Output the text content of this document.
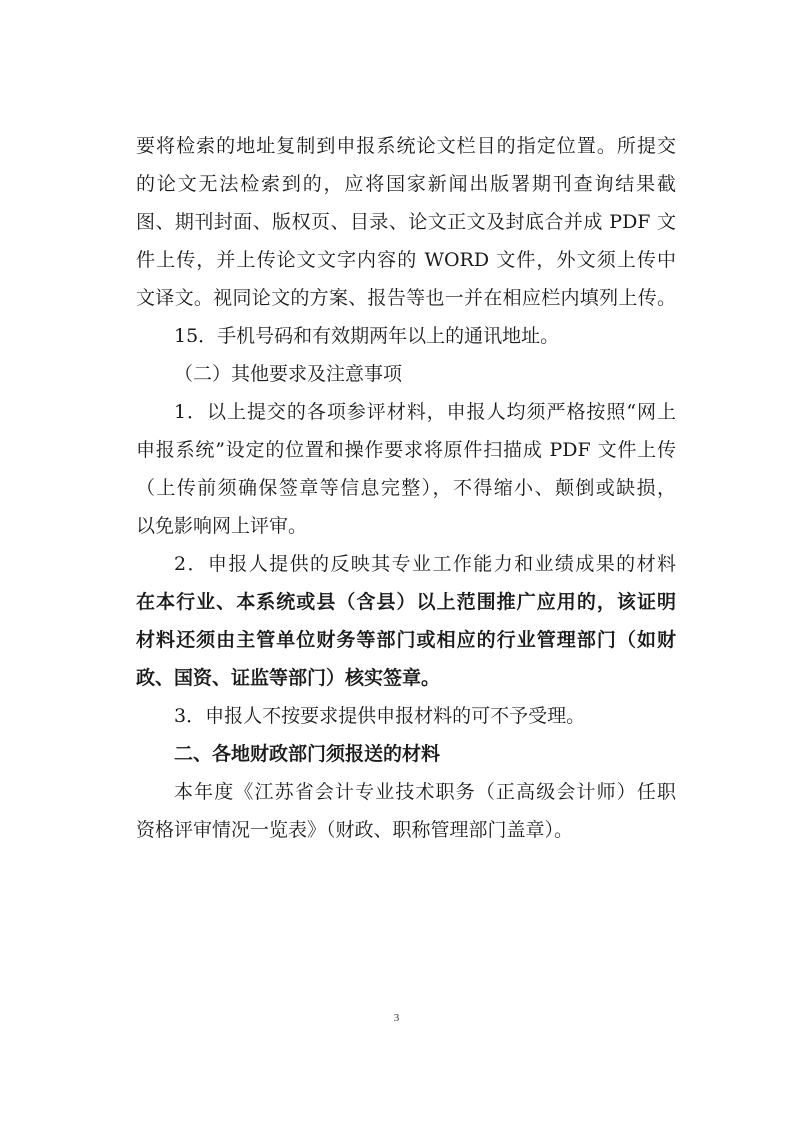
要将检索的地址复制到申报系统论文栏目的指定位置。所提交
的论文无法检索到的，应将国家新闻出版署期刊查询结果截
图、期刊封面、版权页、目录、论文正文及封底合并成 PDF 文
件上传，并上传论文文字内容的 WORD 文件，外文须上传中
文译文。视同论文的方案、报告等也一并在相应栏内填列上传。
15．手机号码和有效期两年以上的通讯地址。
（二）其他要求及注意事项
1．以上提交的各项参评材料，申报人均须严格按照“网上
申报系统”设定的位置和操作要求将原件扫描成 PDF 文件上传
（上传前须确保签章等信息完整），不得缩小、颠倒或缺损，
以免影响网上评审。
2．申报人提供的反映其专业工作能力和业绩成果的材料
在本行业、本系统或县（含县）以上范围推广应用的，该证明
材料还须由主管单位财务等部门或相应的行业管理部门（如财
政、国资、证监等部门）核实签章。
3．申报人不按要求提供申报材料的可不予受理。
二、各地财政部门须报送的材料
本年度《江苏省会计专业技术职务（正高级会计师）任职
资格评审情况一览表》（财政、职称管理部门盖章）。
3
